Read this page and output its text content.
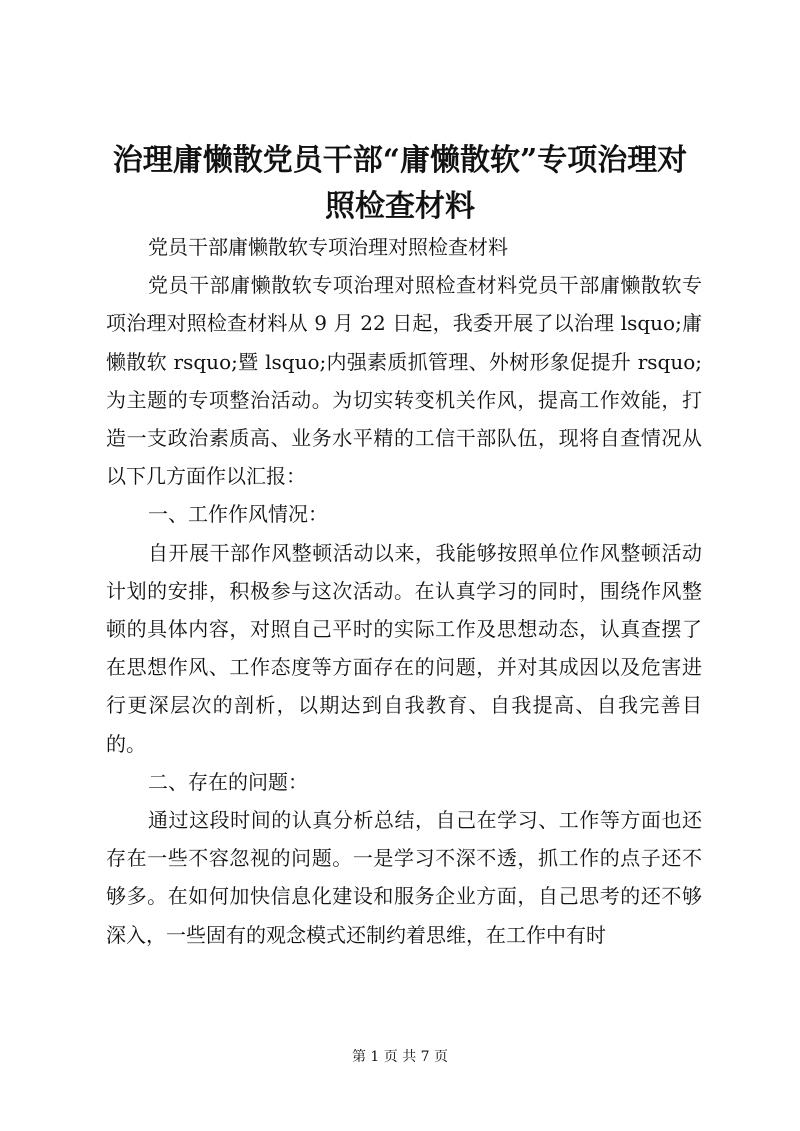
治理庸懒散党员干部“庸懒散软”专项治理对照检查材料

党员干部庸懒散软专项治理对照检查材料

党员干部庸懒散软专项治理对照检查材料党员干部庸懒散软专项治理对照检查材料从 9 月 22 日起，我委开展了以治理 lsquo;庸懒散软 rsquo;暨 lsquo;内强素质抓管理、外树形象促提升 rsquo;为主题的专项整治活动。为切实转变机关作风，提高工作效能，打造一支政治素质高、业务水平精的工信干部队伍，现将自查情况从以下几方面作以汇报：

一、工作作风情况：

自开展干部作风整顿活动以来，我能够按照单位作风整顿活动计划的安排，积极参与这次活动。在认真学习的同时，围绕作风整顿的具体内容，对照自己平时的实际工作及思想动态，认真查摆了在思想作风、工作态度等方面存在的问题，并对其成因以及危害进行更深层次的剖析，以期达到自我教育、自我提高、自我完善目的。

二、存在的问题：

通过这段时间的认真分析总结，自己在学习、工作等方面也还存在一些不容忽视的问题。一是学习不深不透，抓工作的点子还不够多。在如何加快信息化建设和服务企业方面，自己思考的还不够深入，一些固有的观念模式还制约着思维，在工作中有时

第 1 页 共 7 页
